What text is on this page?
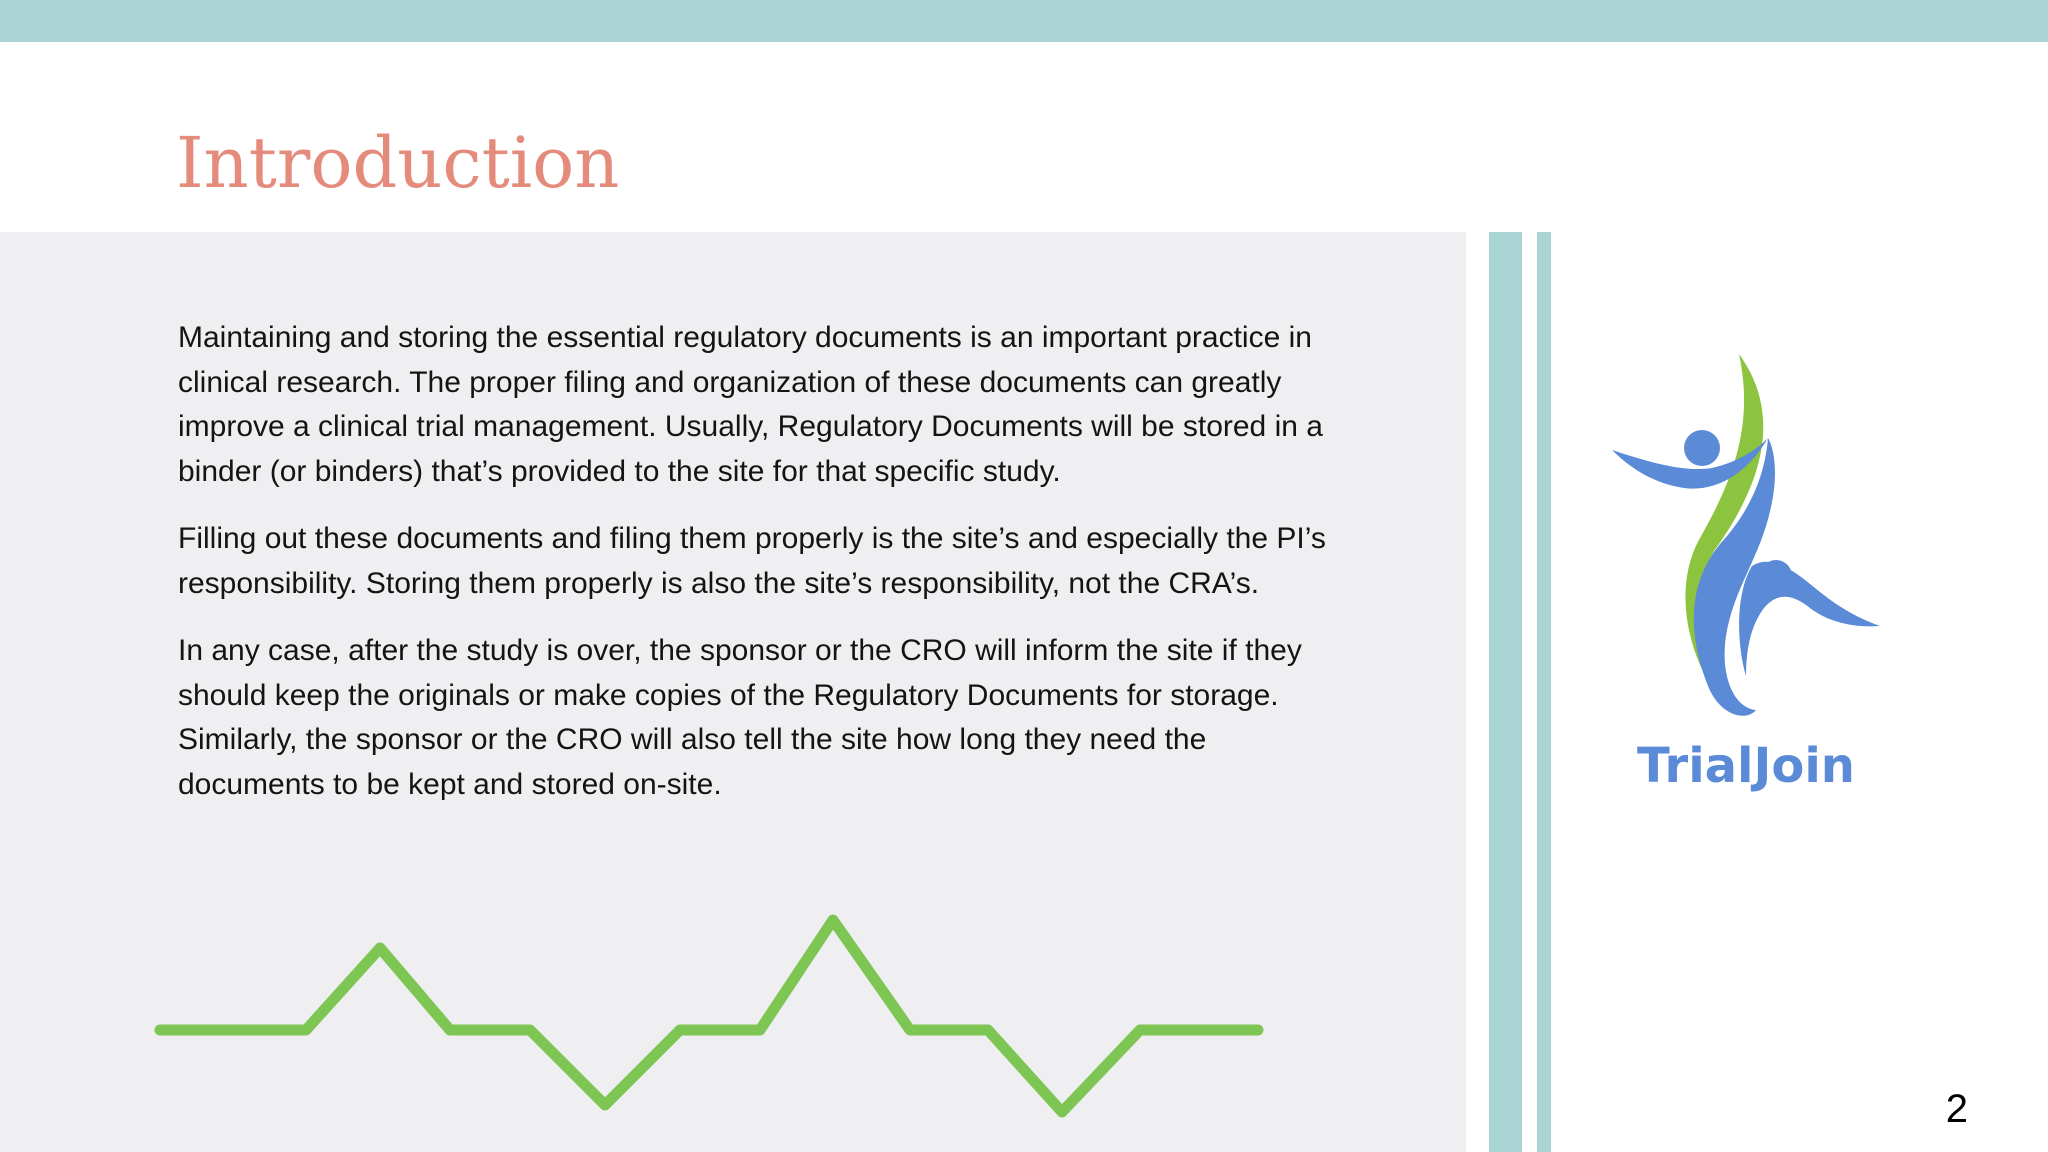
Introduction

Maintaining and storing the essential regulatory documents is an important practice in clinical research. The proper filing and organization of these documents can greatly improve a clinical trial management. Usually, Regulatory Documents will be stored in a binder (or binders) that’s provided to the site for that specific study.

Filling out these documents and filing them properly is the site’s and especially the PI’s responsibility. Storing them properly is also the site’s responsibility, not the CRA’s.

In any case, after the study is over, the sponsor or the CRO will inform the site if they should keep the originals or make copies of the Regulatory Documents for storage. Similarly, the sponsor or the CRO will also tell the site how long they need the documents to be kept and stored on-site.	TrialJoin
2
